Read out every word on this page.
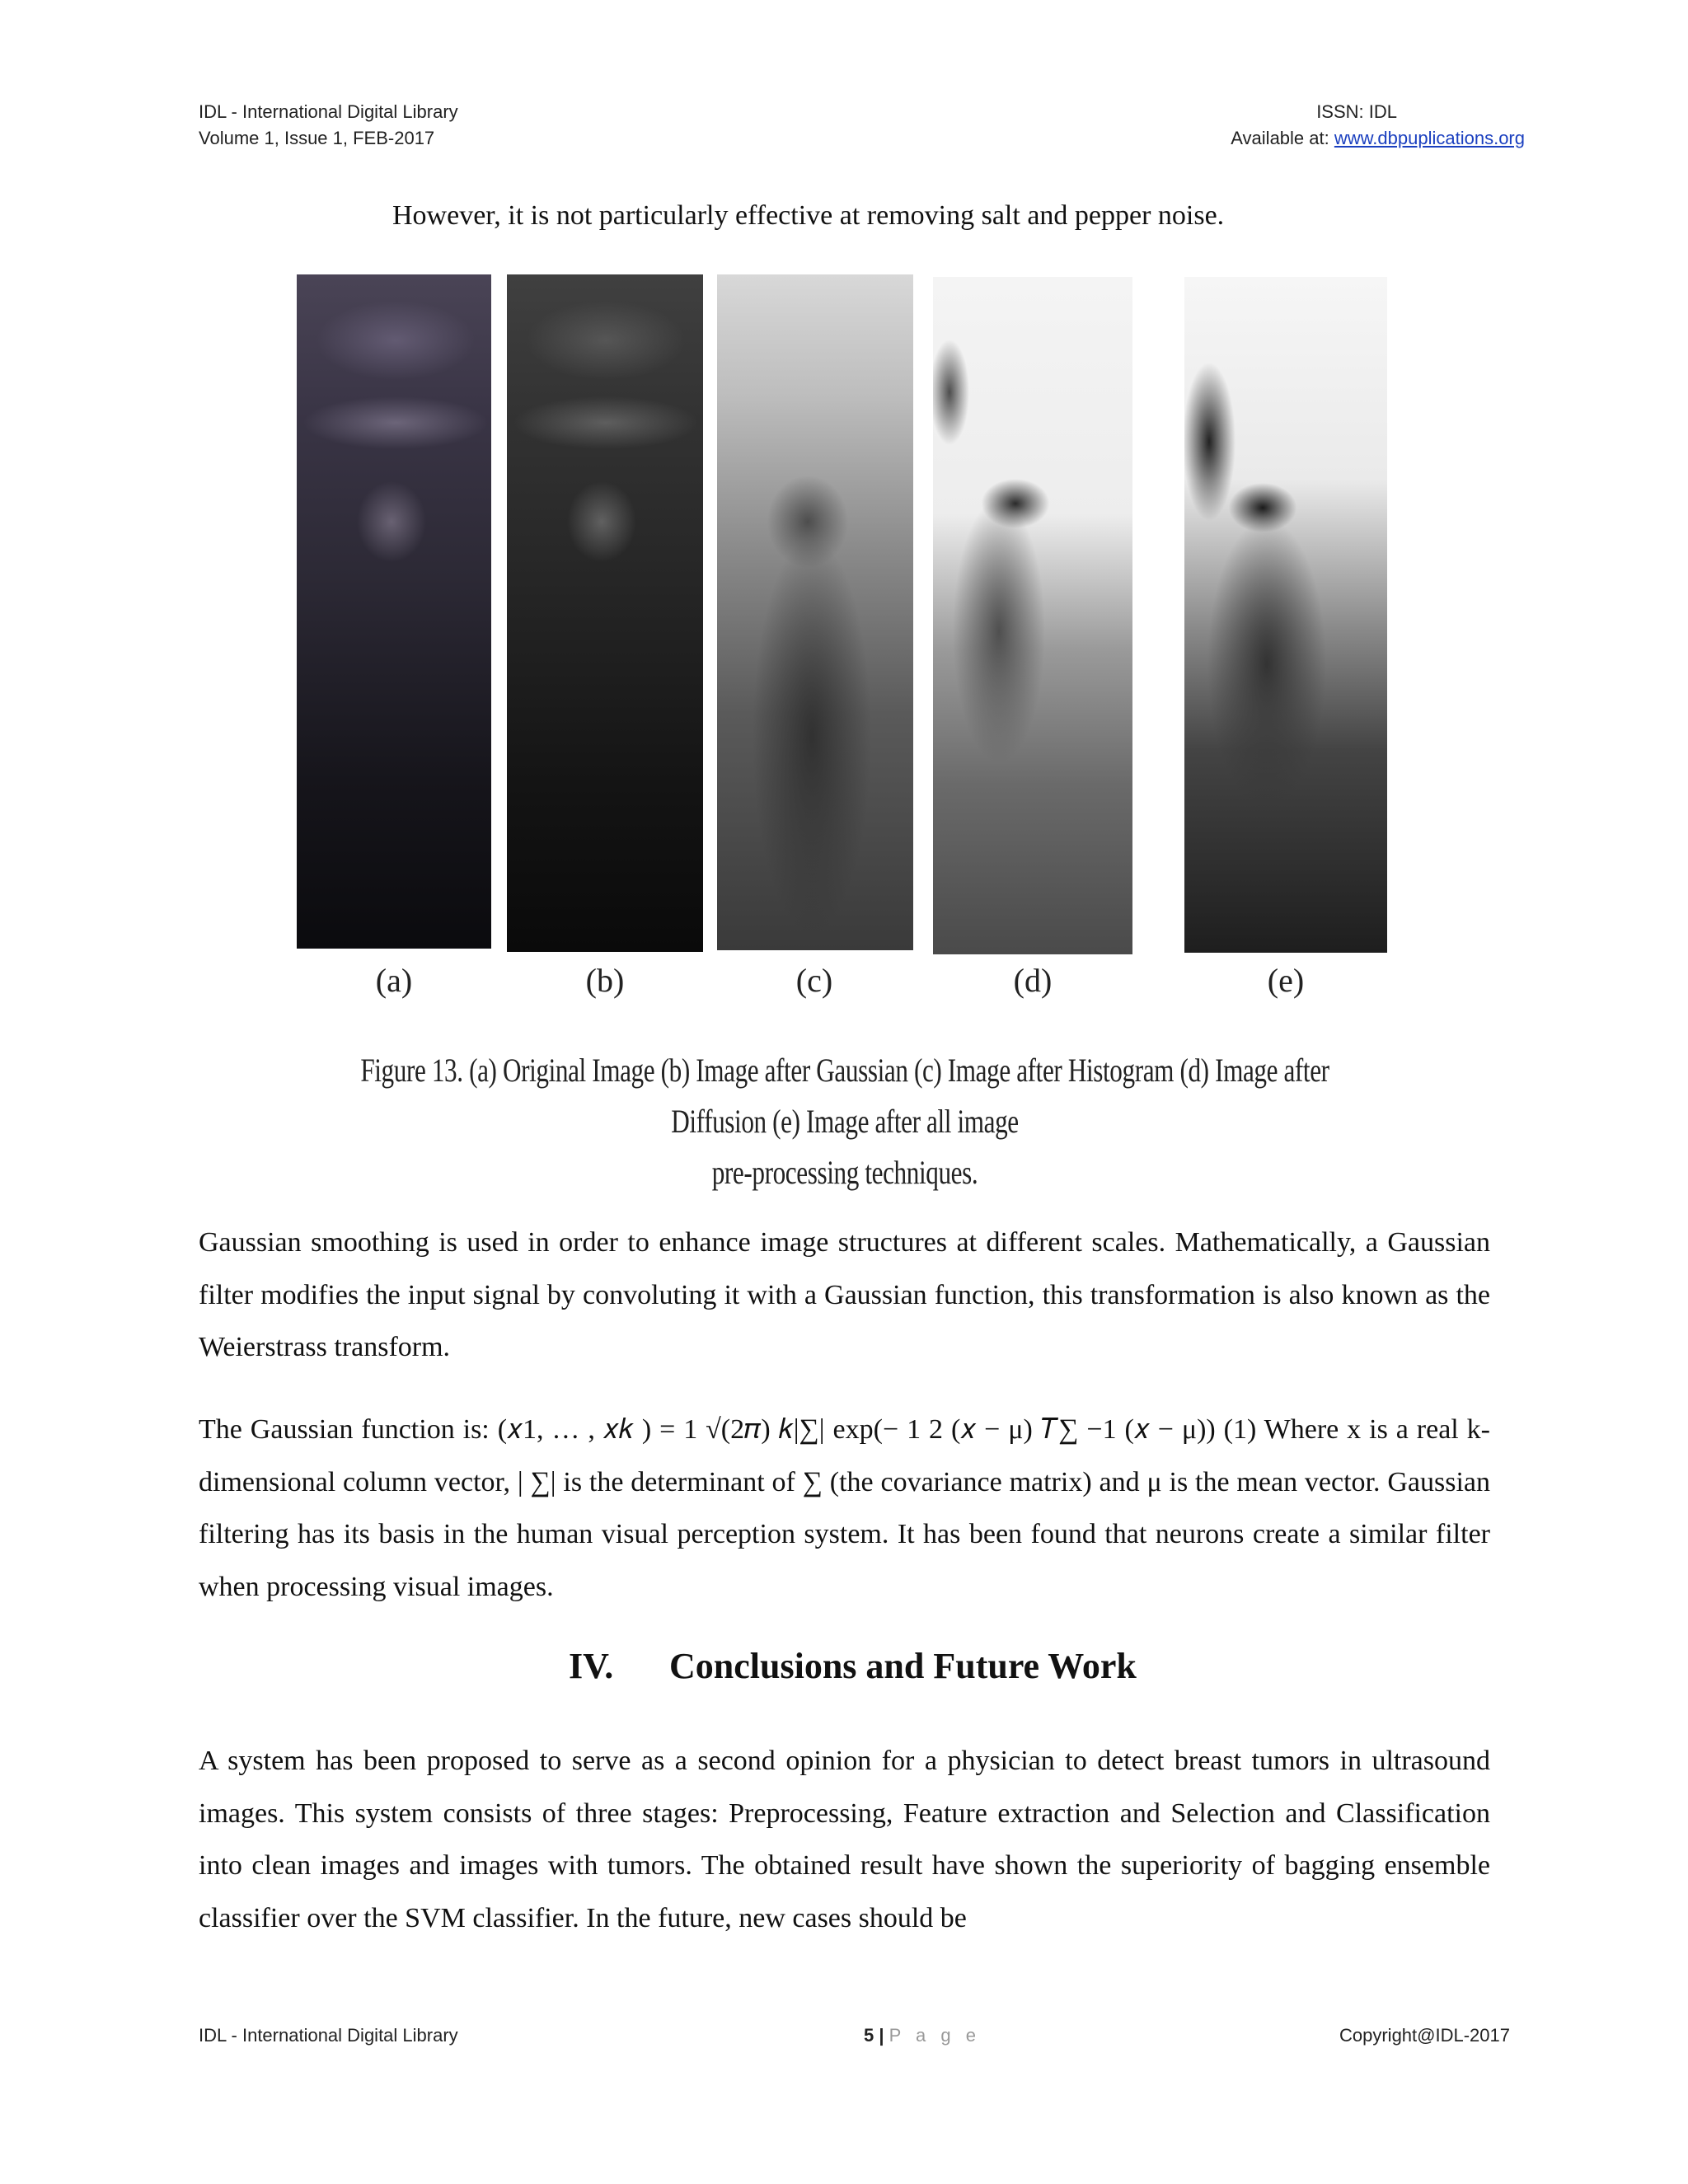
IDL - International Digital Library
Volume 1, Issue 1, FEB-2017
ISSN: IDL
Available at: www.dbpuplications.org
However, it is not particularly effective at removing salt and pepper noise.
(a)	(b)	(c)	(d)	(e)
Figure 13. (a) Original Image (b) Image after Gaussian (c) Image after Histogram (d) Image after Diffusion (e) Image after all image
pre-processing techniques.
Gaussian smoothing is used in order to enhance image structures at different scales. Mathematically, a Gaussian filter modifies the input signal by convoluting it with a Gaussian function, this transformation is also known as the Weierstrass transform.
The Gaussian function is: (𝑥1, … , 𝑥𝑘 ) = 1 √(2𝜋) 𝑘|∑| exp(− 1 2 (𝑥 − μ) 𝑇∑ −1 (𝑥 − μ)) (1) Where x is a real k-dimensional column vector, | ∑| is the determinant of ∑ (the covariance matrix) and μ is the mean vector. Gaussian filtering has its basis in the human visual perception system. It has been found that neurons create a similar filter when processing visual images.
IV. Conclusions and Future Work
A system has been proposed to serve as a second opinion for a physician to detect breast tumors in ultrasound images. This system consists of three stages: Preprocessing, Feature extraction and Selection and Classification into clean images and images with tumors. The obtained result have shown the superiority of bagging ensemble classifier over the SVM classifier. In the future, new cases should be
IDL - International Digital Library	5 | P a g e	Copyright@IDL-2017
